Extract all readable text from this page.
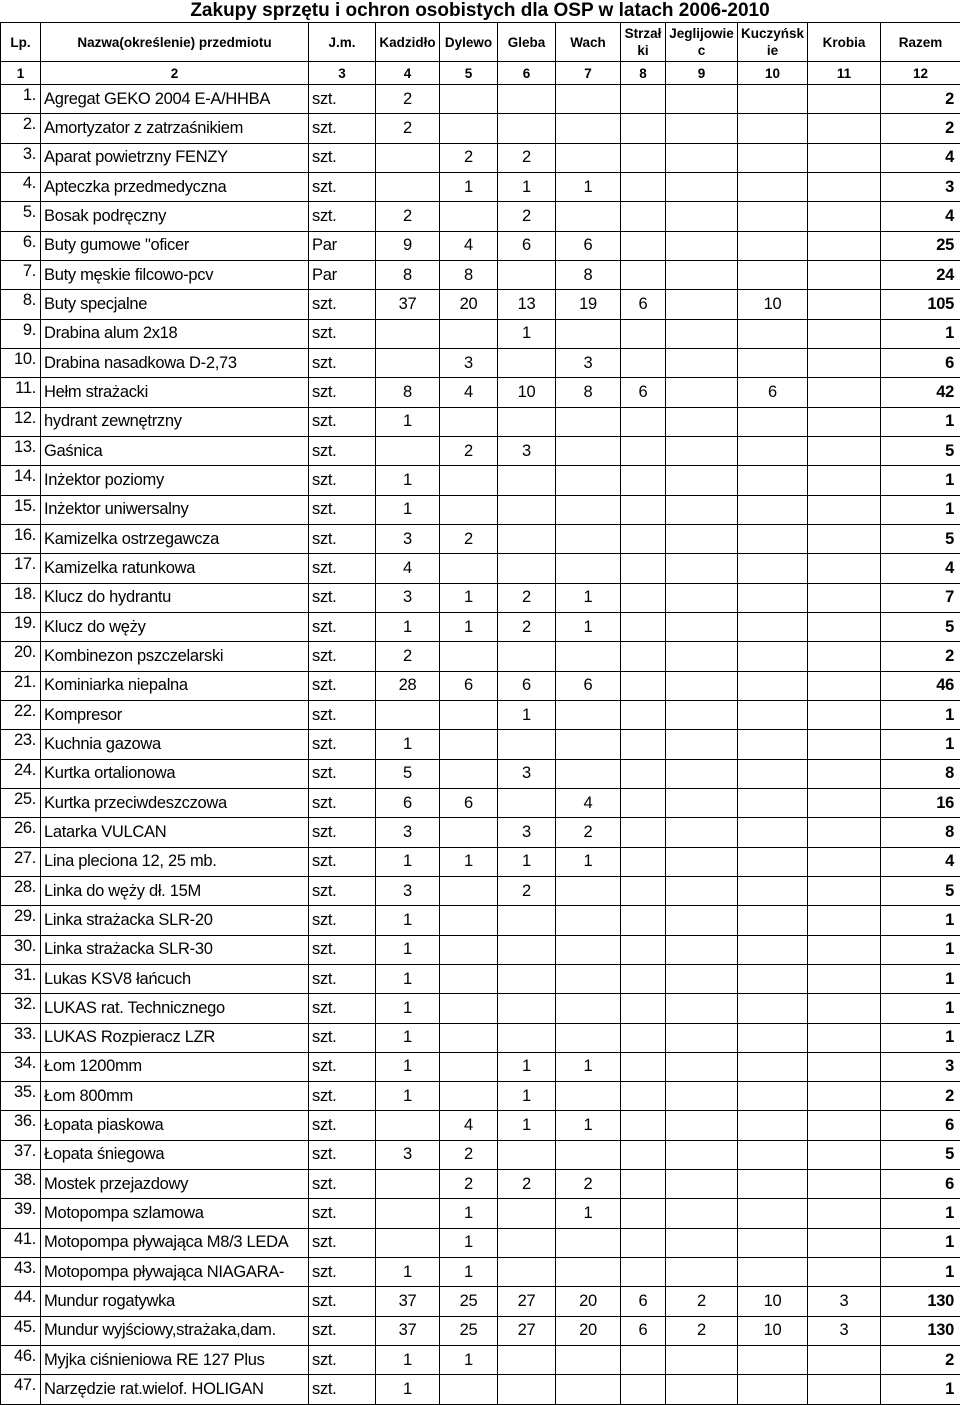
Zakupy sprzętu i ochron osobistych dla OSP w latach 2006-2010
Lp.	Nazwa(określenie) przedmiotu	J.m.	Kadzidło	Dylewo	Gleba	Wach	Strzał ki	Jeglijowie c	Kuczyńsk ie	Krobia	Razem
1	2	3	4	5	6	7	8	9	10	11	12
1.	Agregat GEKO 2004 E-A/HHBA	szt.	2								2
2.	Amortyzator z zatrzaśnikiem	szt.	2								2
3.	Aparat powietrzny FENZY	szt.		2	2						4
4.	Apteczka przedmedyczna	szt.		1	1	1					3
5.	Bosak podręczny	szt.	2		2						4
6.	Buty gumowe "oficer	Par	9	4	6	6					25
7.	Buty męskie filcowo-pcv	Par	8	8		8					24
8.	Buty specjalne	szt.	37	20	13	19	6		10		105
9.	Drabina alum 2x18	szt.			1						1
10.	Drabina nasadkowa D-2,73	szt.		3		3					6
11.	Hełm strażacki	szt.	8	4	10	8	6		6		42
12.	hydrant zewnętrzny	szt.	1								1
13.	Gaśnica	szt.		2	3						5
14.	Inżektor poziomy	szt.	1								1
15.	Inżektor uniwersalny	szt.	1								1
16.	Kamizelka ostrzegawcza	szt.	3	2							5
17.	Kamizelka ratunkowa	szt.	4								4
18.	Klucz do hydrantu	szt.	3	1	2	1					7
19.	Klucz do węży	szt.	1	1	2	1					5
20.	Kombinezon pszczelarski	szt.	2								2
21.	Kominiarka niepalna	szt.	28	6	6	6					46
22.	Kompresor	szt.			1						1
23.	Kuchnia gazowa	szt.	1								1
24.	Kurtka ortalionowa	szt.	5		3						8
25.	Kurtka przeciwdeszczowa	szt.	6	6		4					16
26.	Latarka VULCAN	szt.	3		3	2					8
27.	Lina pleciona 12, 25 mb.	szt.	1	1	1	1					4
28.	Linka do węży dł. 15M	szt.	3		2						5
29.	Linka strażacka SLR-20	szt.	1								1
30.	Linka strażacka SLR-30	szt.	1								1
31.	Lukas KSV8 łańcuch	szt.	1								1
32.	LUKAS rat. Technicznego	szt.	1								1
33.	LUKAS Rozpieracz LZR	szt.	1								1
34.	Łom 1200mm	szt.	1		1	1					3
35.	Łom 800mm	szt.	1		1						2
36.	Łopata piaskowa	szt.		4	1	1					6
37.	Łopata śniegowa	szt.	3	2							5
38.	Mostek przejazdowy	szt.		2	2	2					6
39.	Motopompa szlamowa	szt.		1		1					1
41.	Motopompa pływająca M8/3 LEDA	szt.		1							1
43.	Motopompa pływająca NIAGARA-	szt.	1	1							1
44.	Mundur rogatywka	szt.	37	25	27	20	6	2	10	3	130
45.	Mundur wyjściowy,strażaka,dam.	szt.	37	25	27	20	6	2	10	3	130
46.	Myjka ciśnieniowa RE 127 Plus	szt.	1	1							2
47.	Narzędzie rat.wielof. HOLIGAN	szt.	1								1
